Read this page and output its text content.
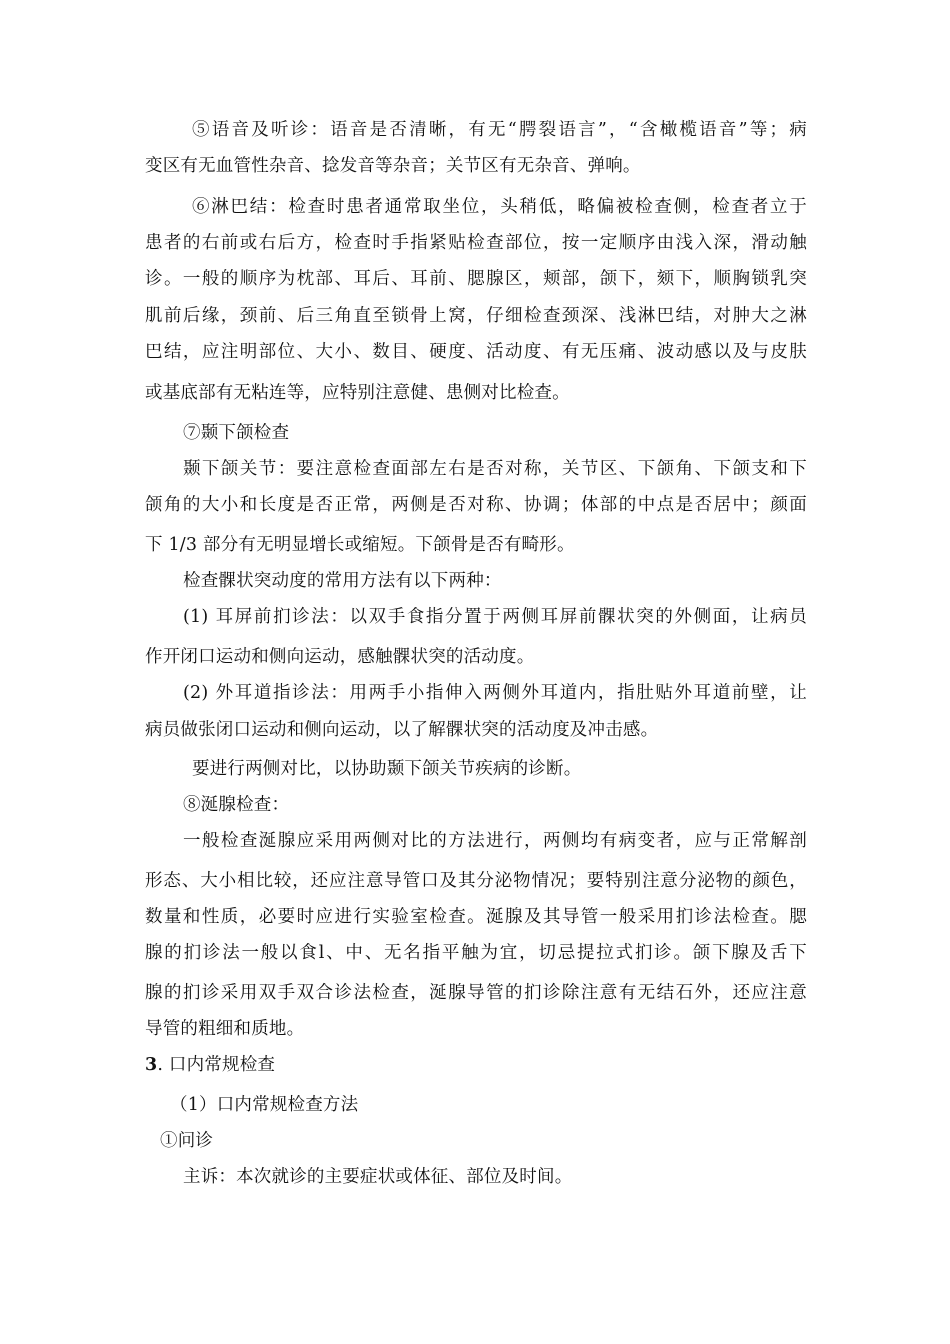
⑤语音及听诊：语音是否清晰，有无“腭裂语言”，“含橄榄语音”等；病
变区有无血管性杂音、捻发音等杂音；关节区有无杂音、弹响。
⑥淋巴结：检查时患者通常取坐位，头稍低，略偏被检查侧，检查者立于
患者的右前或右后方，检查时手指紧贴检查部位，按一定顺序由浅入深，滑动触
诊。一般的顺序为枕部、耳后、耳前、腮腺区，颊部，颌下，颏下，顺胸锁乳突
肌前后缘，颈前、后三角直至锁骨上窝，仔细检查颈深、浅淋巴结，对肿大之淋
巴结，应注明部位、大小、数目、硬度、活动度、有无压痛、波动感以及与皮肤
或基底部有无粘连等，应特别注意健、患侧对比检查。
⑦颞下颌检查
颞下颌关节：要注意检查面部左右是否对称，关节区、下颌角、下颌支和下
颌角的大小和长度是否正常，两侧是否对称、协调；体部的中点是否居中；颜面
下 1/3 部分有无明显增长或缩短。下颌骨是否有畸形。
检查髁状突动度的常用方法有以下两种：
(1) 耳屏前扪诊法：以双手食指分置于两侧耳屏前髁状突的外侧面，让病员
作开闭口运动和侧向运动，感触髁状突的活动度。
(2) 外耳道指诊法：用两手小指伸入两侧外耳道内，指肚贴外耳道前壁，让
病员做张闭口运动和侧向运动，以了解髁状突的活动度及冲击感。
要进行两侧对比，以协助颞下颌关节疾病的诊断。
⑧涎腺检查：
一般检查涎腺应采用两侧对比的方法进行，两侧均有病变者，应与正常解剖
形态、大小相比较，还应注意导管口及其分泌物情况；要特别注意分泌物的颜色，
数量和性质，必要时应进行实验室检查。涎腺及其导管一般采用扪诊法检查。腮
腺的扪诊法一般以食l、中、无名指平触为宜，切忌提拉式扪诊。颌下腺及舌下
腺的扪诊采用双手双合诊法检查，涎腺导管的扪诊除注意有无结石外，还应注意
导管的粗细和质地。
3. 口内常规检查
（1）口内常规检查方法
①问诊
主诉：本次就诊的主要症状或体征、部位及时间。
